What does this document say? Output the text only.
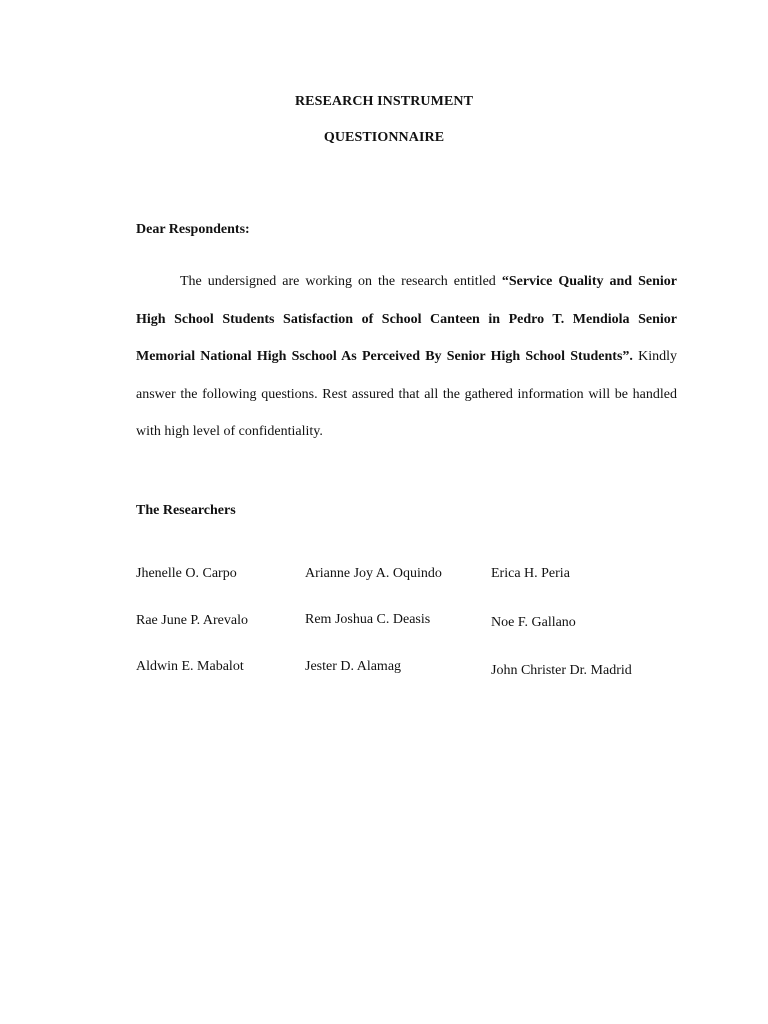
RESEARCH INSTRUMENT
QUESTIONNAIRE

Dear Respondents:

The undersigned are working on the research entitled “Service Quality and Senior High School Students Satisfaction of School Canteen in Pedro T. Mendiola Senior Memorial National High Sschool As Perceived By Senior High School Students”. Kindly answer the following questions. Rest assured that all the gathered information will be handled with high level of confidentiality.

The Researchers

Jhenelle O. Carpo	Arianne Joy A. Oquindo	Erica H. Peria

Rae June P. Arevalo	Rem Joshua C. Deasis	Noe F. Gallano

Aldwin E. Mabalot	Jester D. Alamag	John Christer Dr. Madrid
